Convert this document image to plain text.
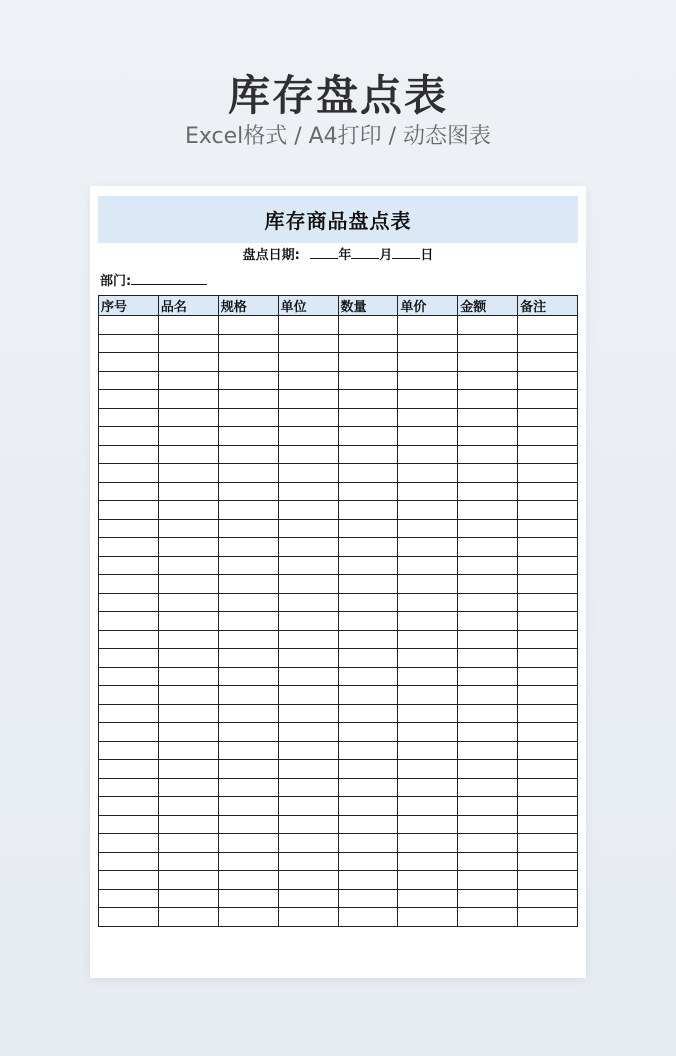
库存盘点表
Excel格式 / A4打印 / 动态图表
库存商品盘点表
盘点日期:	年 月 日
部门:
序号	品名	规格	单位	数量	单价	金额	备注
